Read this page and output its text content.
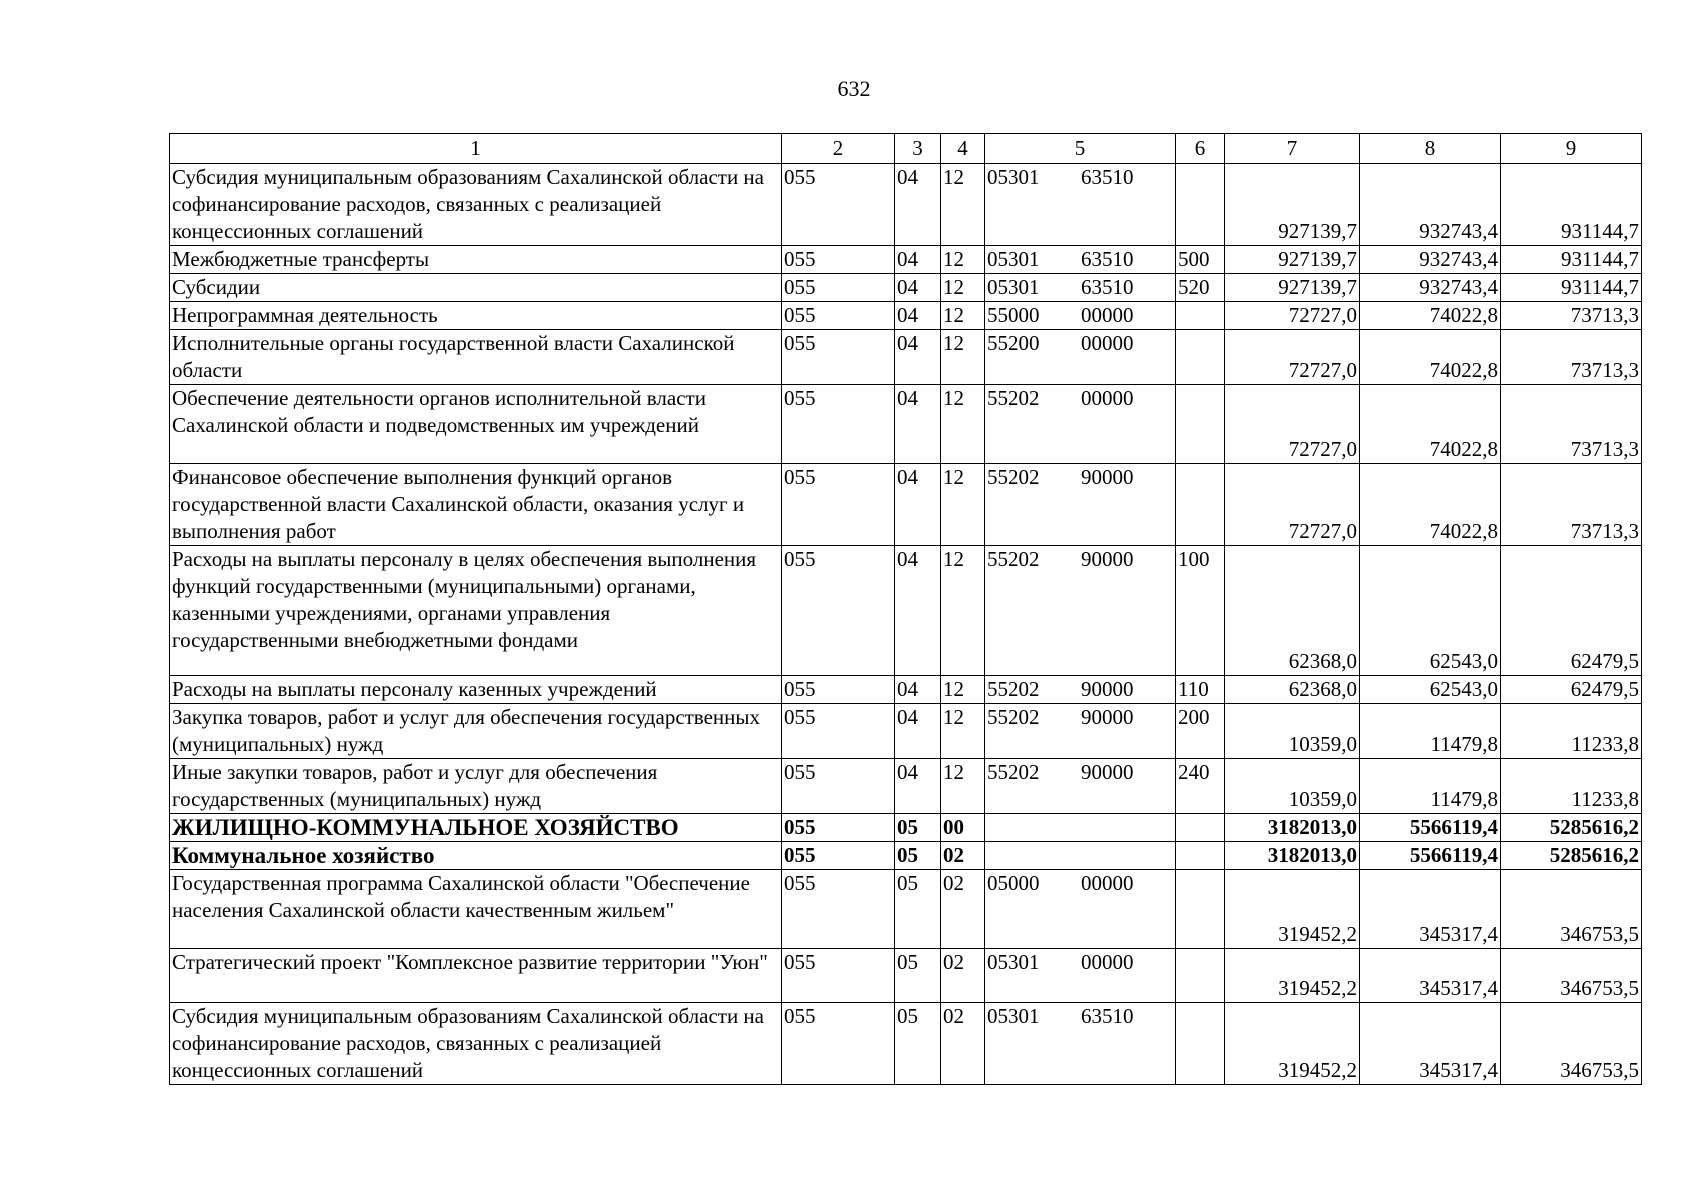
632
1	2	3	4	5	6	7	8	9
Субсидия муниципальным образованиям Сахалинской области на софинансирование расходов, связанных с реализацией концессионных соглашений	055	04	12	05301 63510		927139,7	932743,4	931144,7
Межбюджетные трансферты	055	04	12	05301 63510	500	927139,7	932743,4	931144,7
Субсидии	055	04	12	05301 63510	520	927139,7	932743,4	931144,7
Непрограммная деятельность	055	04	12	55000 00000		72727,0	74022,8	73713,3
Исполнительные органы государственной власти Сахалинской области	055	04	12	55200 00000		72727,0	74022,8	73713,3
Обеспечение деятельности органов исполнительной власти Сахалинской области и подведомственных им учреждений	055	04	12	55202 00000		72727,0	74022,8	73713,3
Финансовое обеспечение выполнения функций органов государственной власти Сахалинской области, оказания услуг и выполнения работ	055	04	12	55202 90000		72727,0	74022,8	73713,3
Расходы на выплаты персоналу в целях обеспечения выполнения функций государственными (муниципальными) органами, казенными учреждениями, органами управления государственными внебюджетными фондами	055	04	12	55202 90000	100	62368,0	62543,0	62479,5
Расходы на выплаты персоналу казенных учреждений	055	04	12	55202 90000	110	62368,0	62543,0	62479,5
Закупка товаров, работ и услуг для обеспечения государственных (муниципальных) нужд	055	04	12	55202 90000	200	10359,0	11479,8	11233,8
Иные закупки товаров, работ и услуг для обеспечения государственных (муниципальных) нужд	055	04	12	55202 90000	240	10359,0	11479,8	11233,8
ЖИЛИЩНО-КОММУНАЛЬНОЕ ХОЗЯЙСТВО	055	05	00			3182013,0	5566119,4	5285616,2
Коммунальное хозяйство	055	05	02			3182013,0	5566119,4	5285616,2
Государственная программа Сахалинской области "Обеспечение населения Сахалинской области качественным жильем"	055	05	02	05000 00000		319452,2	345317,4	346753,5
Стратегический проект "Комплексное развитие территории "Уюн"	055	05	02	05301 00000		319452,2	345317,4	346753,5
Субсидия муниципальным образованиям Сахалинской области на софинансирование расходов, связанных с реализацией концессионных соглашений	055	05	02	05301 63510		319452,2	345317,4	346753,5
